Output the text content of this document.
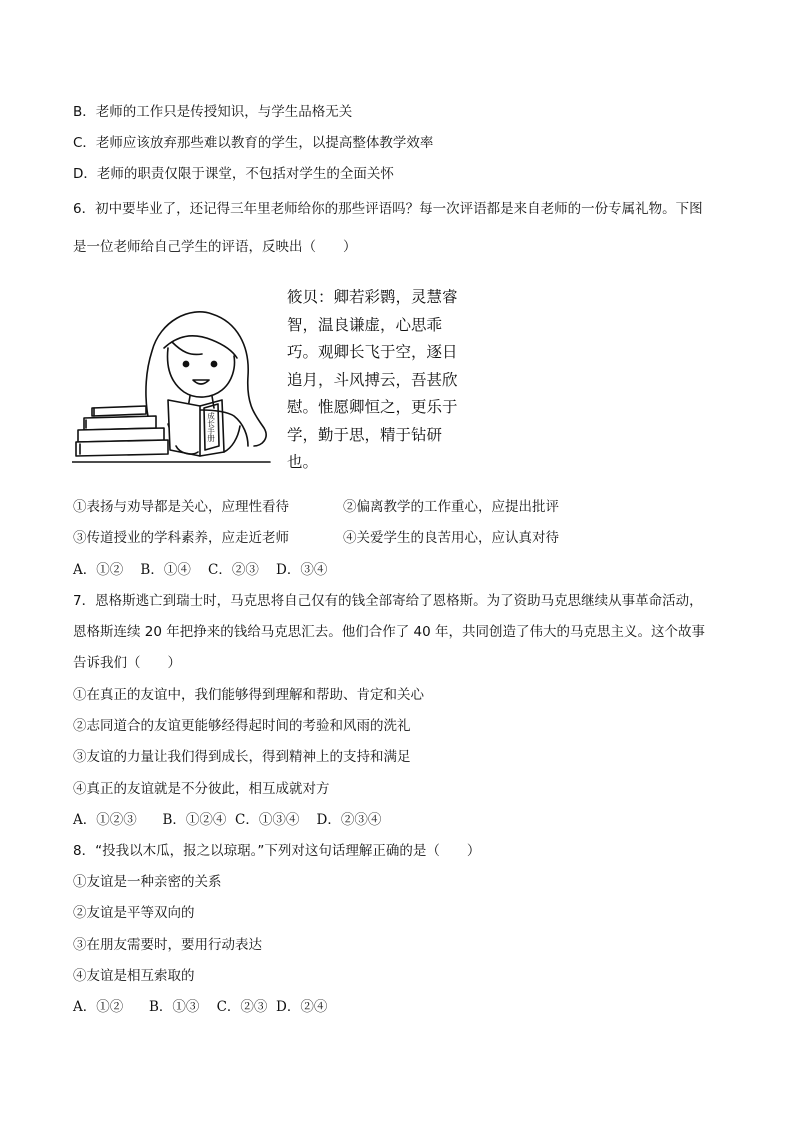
B．老师的工作只是传授知识，与学生品格无关
C．老师应该放弃那些难以教育的学生，以提高整体教学效率
D．老师的职责仅限于课堂，不包括对学生的全面关怀
6．初中要毕业了，还记得三年里老师给你的那些评语吗？每一次评语都是来自老师的一份专属礼物。下图
是一位老师给自己学生的评语，反映出（　　）
成长手册
筱贝：卿若彩鹮，灵慧睿
智，温良谦虚，心思乖
巧。观卿长飞于空，逐日
追月，斗风搏云，吾甚欣
慰。惟愿卿恒之，更乐于
学，勤于思，精于钻研
也。
①表扬与劝导都是关心，应理性看待	②偏离教学的工作重心，应提出批评
③传道授业的学科素养，应走近老师	④关爱学生的良苦用心，应认真对待
A．①② B．①④ C．②③ D．③④
7．恩格斯逃亡到瑞士时，马克思将自己仅有的钱全部寄给了恩格斯。为了资助马克思继续从事革命活动，
恩格斯连续 20 年把挣来的钱给马克思汇去。他们合作了 40 年，共同创造了伟大的马克思主义。这个故事
告诉我们（　　）
①在真正的友谊中，我们能够得到理解和帮助、肯定和关心
②志同道合的友谊更能够经得起时间的考验和风雨的洗礼
③友谊的力量让我们得到成长，得到精神上的支持和满足
④真正的友谊就是不分彼此，相互成就对方
A．①②③ B．①②④ C．①③④ D．②③④
8．“投我以木瓜，报之以琼琚。”下列对这句话理解正确的是（　　）
①友谊是一种亲密的关系
②友谊是平等双向的
③在朋友需要时，要用行动表达
④友谊是相互索取的
A．①② B．①③ C．②③ D．②④
